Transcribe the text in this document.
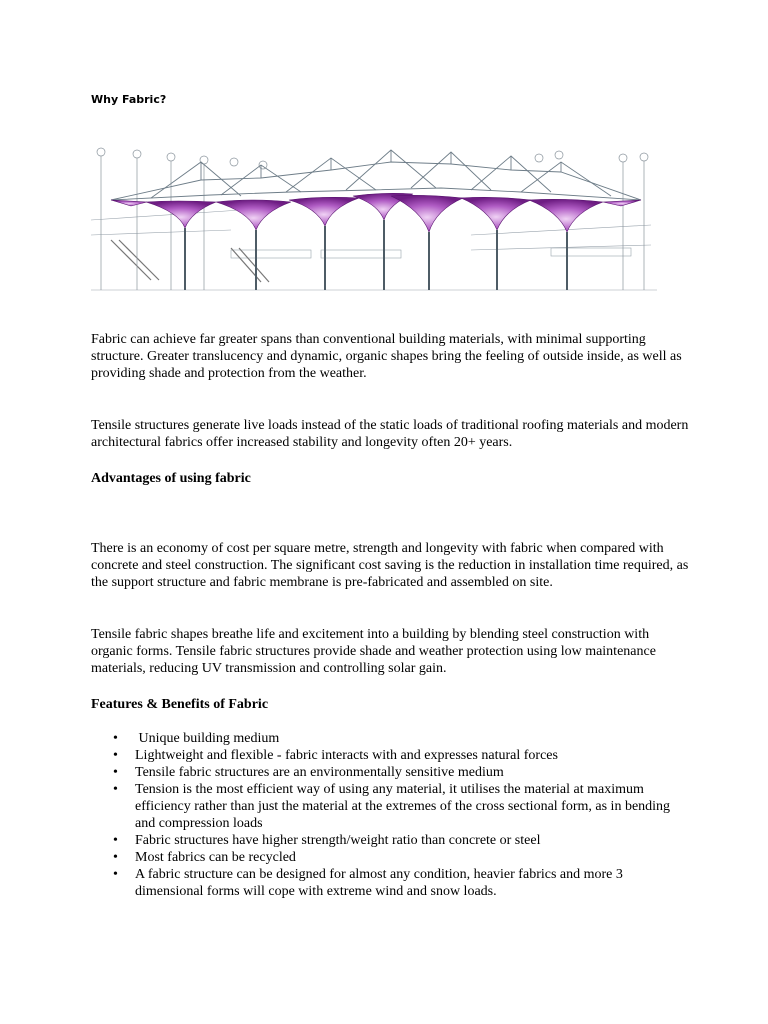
Why Fabric?

Fabric can achieve far greater spans than conventional building materials, with minimal supporting structure. Greater translucency and dynamic, organic shapes bring the feeling of outside inside, as well as providing shade and protection from the weather.

Tensile structures generate live loads instead of the static loads of traditional roofing materials and modern architectural fabrics offer increased stability and longevity often 20+ years.

Advantages of using fabric

There is an economy of cost per square metre, strength and longevity with fabric when compared with concrete and steel construction. The significant cost saving is the reduction in installation time required, as the support structure and fabric membrane is pre-fabricated and assembled on site.

Tensile fabric shapes breathe life and excitement into a building by blending steel construction with organic forms. Tensile fabric structures provide shade and weather protection using low maintenance materials, reducing UV transmission and controlling solar gain.

Features & Benefits of Fabric
• Unique building medium
• Lightweight and flexible - fabric interacts with and expresses natural forces
• Tensile fabric structures are an environmentally sensitive medium
• Tension is the most efficient way of using any material, it utilises the material at maximum efficiency rather than just the material at the extremes of the cross sectional form, as in bending and compression loads
• Fabric structures have higher strength/weight ratio than concrete or steel
• Most fabrics can be recycled
• A fabric structure can be designed for almost any condition, heavier fabrics and more 3 dimensional forms will cope with extreme wind and snow loads.
